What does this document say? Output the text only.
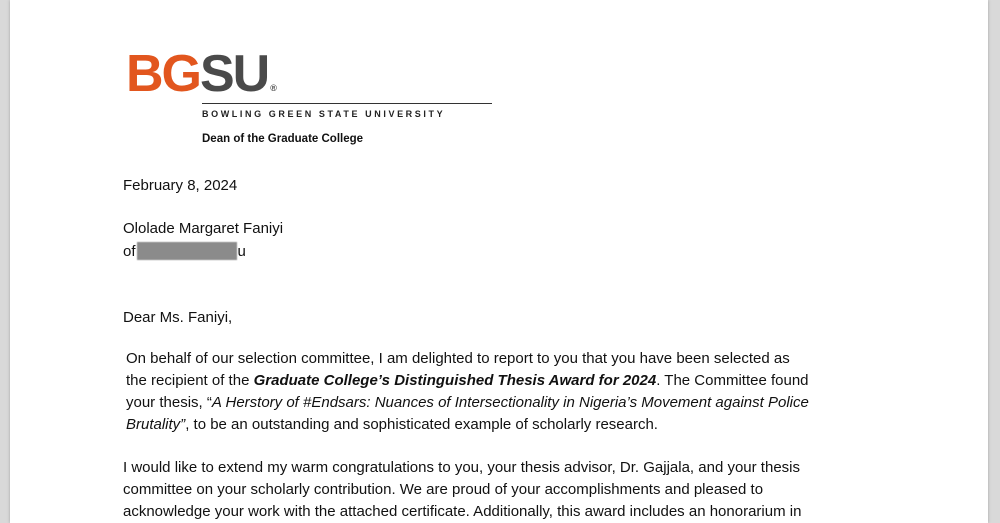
BGSU ®
BOWLING GREEN STATE UNIVERSITY
Dean of the Graduate College
February 8, 2024
Ololade Margaret Faniyi
of	u
Dear Ms. Faniyi,
On behalf of our selection committee, I am delighted to report to you that you have been selected as
the recipient of the Graduate College’s Distinguished Thesis Award for 2024. The Committee found
your thesis, “A Herstory of #Endsars: Nuances of Intersectionality in Nigeria’s Movement against Police
Brutality”, to be an outstanding and sophisticated example of scholarly research.
I would like to extend my warm congratulations to you, your thesis advisor, Dr. Gajjala, and your thesis
committee on your scholarly contribution. We are proud of your accomplishments and pleased to
acknowledge your work with the attached certificate. Additionally, this award includes an honorarium in
